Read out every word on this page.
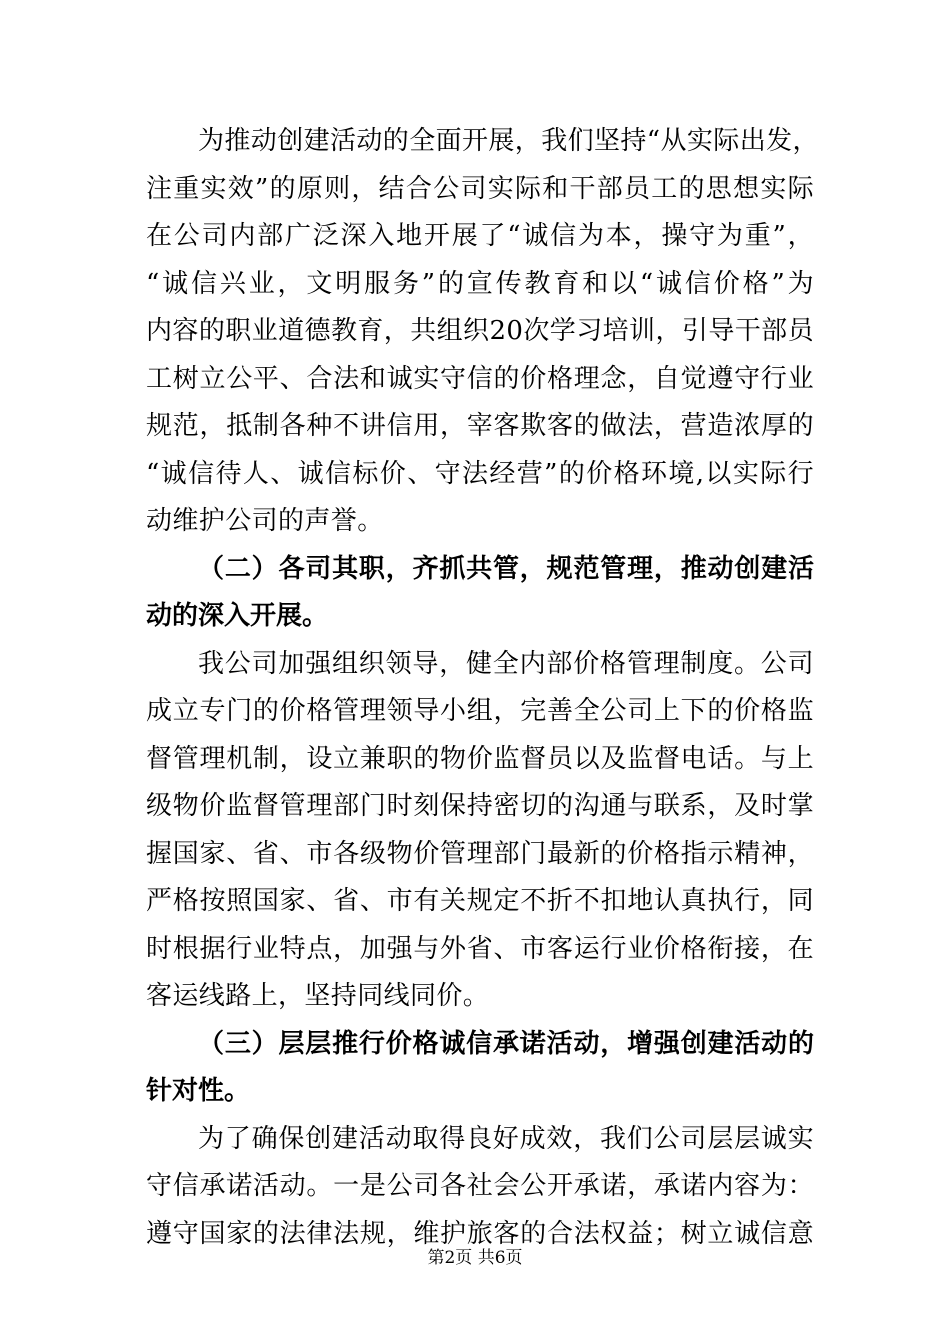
为推动创建活动的全面开展，我们坚持“从实际出发，
注重实效”的原则，结合公司实际和干部员工的思想实际
在公司内部广泛深入地开展了“诚信为本，操守为重”，
“诚信兴业，文明服务”的宣传教育和以“诚信价格”为
内容的职业道德教育，共组织20次学习培训，引导干部员
工树立公平、合法和诚实守信的价格理念，自觉遵守行业
规范，抵制各种不讲信用，宰客欺客的做法，营造浓厚的
“诚信待人、诚信标价、守法经营”的价格环境,以实际行
动维护公司的声誉。
（二）各司其职，齐抓共管，规范管理，推动创建活
动的深入开展。
我公司加强组织领导，健全内部价格管理制度。公司
成立专门的价格管理领导小组，完善全公司上下的价格监
督管理机制，设立兼职的物价监督员以及监督电话。与上
级物价监督管理部门时刻保持密切的沟通与联系，及时掌
握国家、省、市各级物价管理部门最新的价格指示精神，
严格按照国家、省、市有关规定不折不扣地认真执行，同
时根据行业特点，加强与外省、市客运行业价格衔接，在
客运线路上，坚持同线同价。
（三）层层推行价格诚信承诺活动，增强创建活动的
针对性。
为了确保创建活动取得良好成效，我们公司层层诚实
守信承诺活动。一是公司各社会公开承诺，承诺内容为：
遵守国家的法律法规，维护旅客的合法权益；树立诚信意
第2页 共6页
